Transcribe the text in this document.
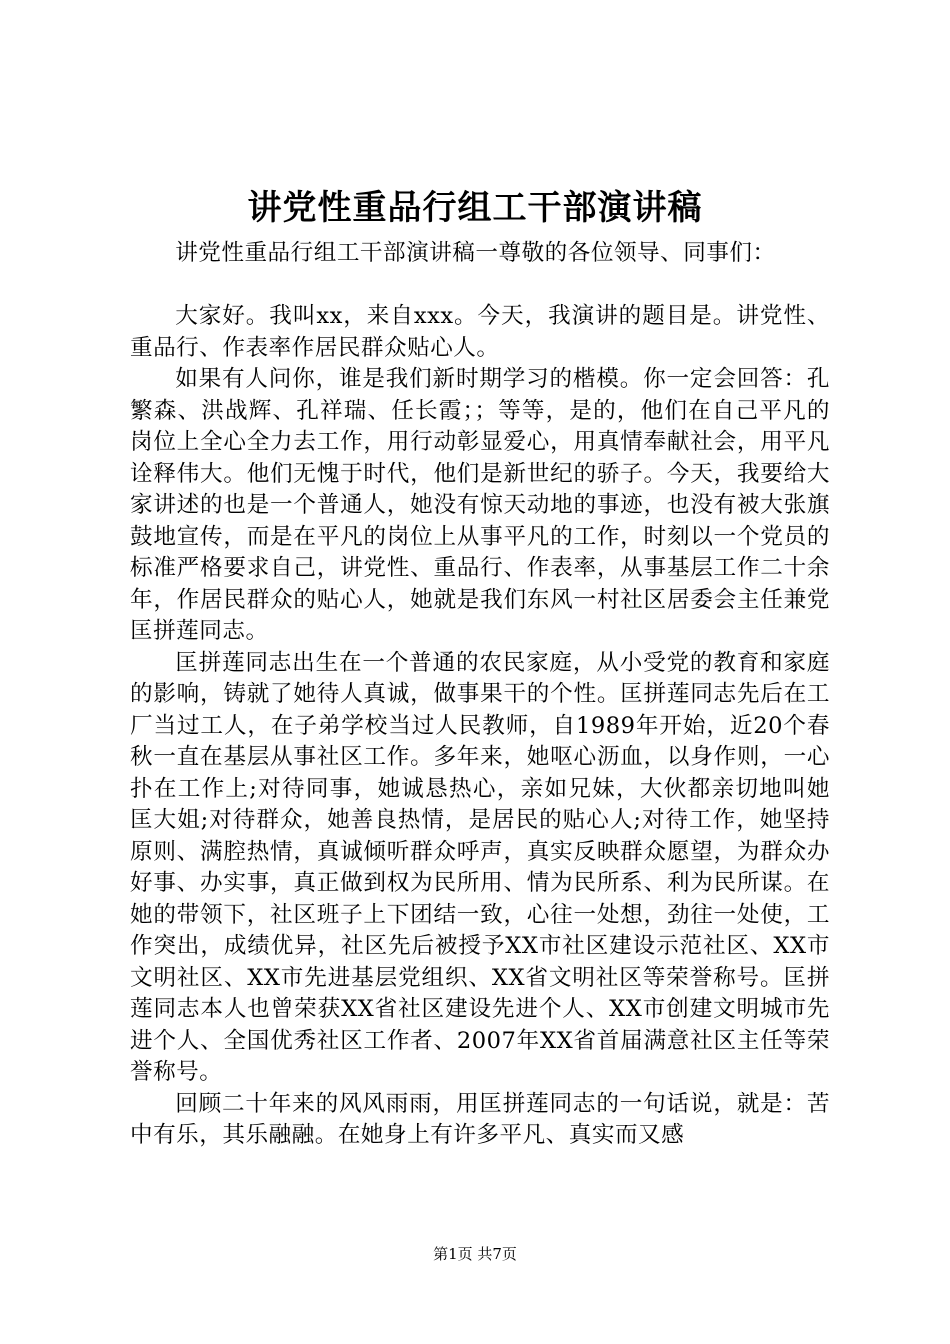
讲党性重品行组工干部演讲稿

讲党性重品行组工干部演讲稿一尊敬的各位领导、同事们：

大家好。我叫xx，来自xxx。今天，我演讲的题目是。讲党性、重品行、作表率作居民群众贴心人。

如果有人问你，谁是我们新时期学习的楷模。你一定会回答：孔繁森、洪战辉、孔祥瑞、任长霞；；等等，是的，他们在自己平凡的岗位上全心全力去工作，用行动彰显爱心，用真情奉献社会，用平凡诠释伟大。他们无愧于时代，他们是新世纪的骄子。今天，我要给大家讲述的也是一个普通人，她没有惊天动地的事迹，也没有被大张旗鼓地宣传，而是在平凡的岗位上从事平凡的工作，时刻以一个党员的标准严格要求自己，讲党性、重品行、作表率，从事基层工作二十余年，作居民群众的贴心人，她就是我们东风一村社区居委会主任兼党匡拼莲同志。

匡拼莲同志出生在一个普通的农民家庭，从小受党的教育和家庭的影响，铸就了她待人真诚，做事果干的个性。匡拼莲同志先后在工厂当过工人，在子弟学校当过人民教师，自1989年开始，近20个春秋一直在基层从事社区工作。多年来，她呕心沥血，以身作则，一心扑在工作上;对待同事，她诚恳热心，亲如兄妹，大伙都亲切地叫她匡大姐;对待群众，她善良热情，是居民的贴心人;对待工作，她坚持原则、满腔热情，真诚倾听群众呼声，真实反映群众愿望，为群众办好事、办实事，真正做到权为民所用、情为民所系、利为民所谋。在她的带领下，社区班子上下团结一致，心往一处想，劲往一处使，工作突出，成绩优异，社区先后被授予XX市社区建设示范社区、XX市文明社区、XX市先进基层党组织、XX省文明社区等荣誉称号。匡拼莲同志本人也曾荣获XX省社区建设先进个人、XX市创建文明城市先进个人、全国优秀社区工作者、2007年XX省首届满意社区主任等荣誉称号。

回顾二十年来的风风雨雨，用匡拼莲同志的一句话说，就是：苦中有乐，其乐融融。在她身上有许多平凡、真实而又感

第1页 共7页
